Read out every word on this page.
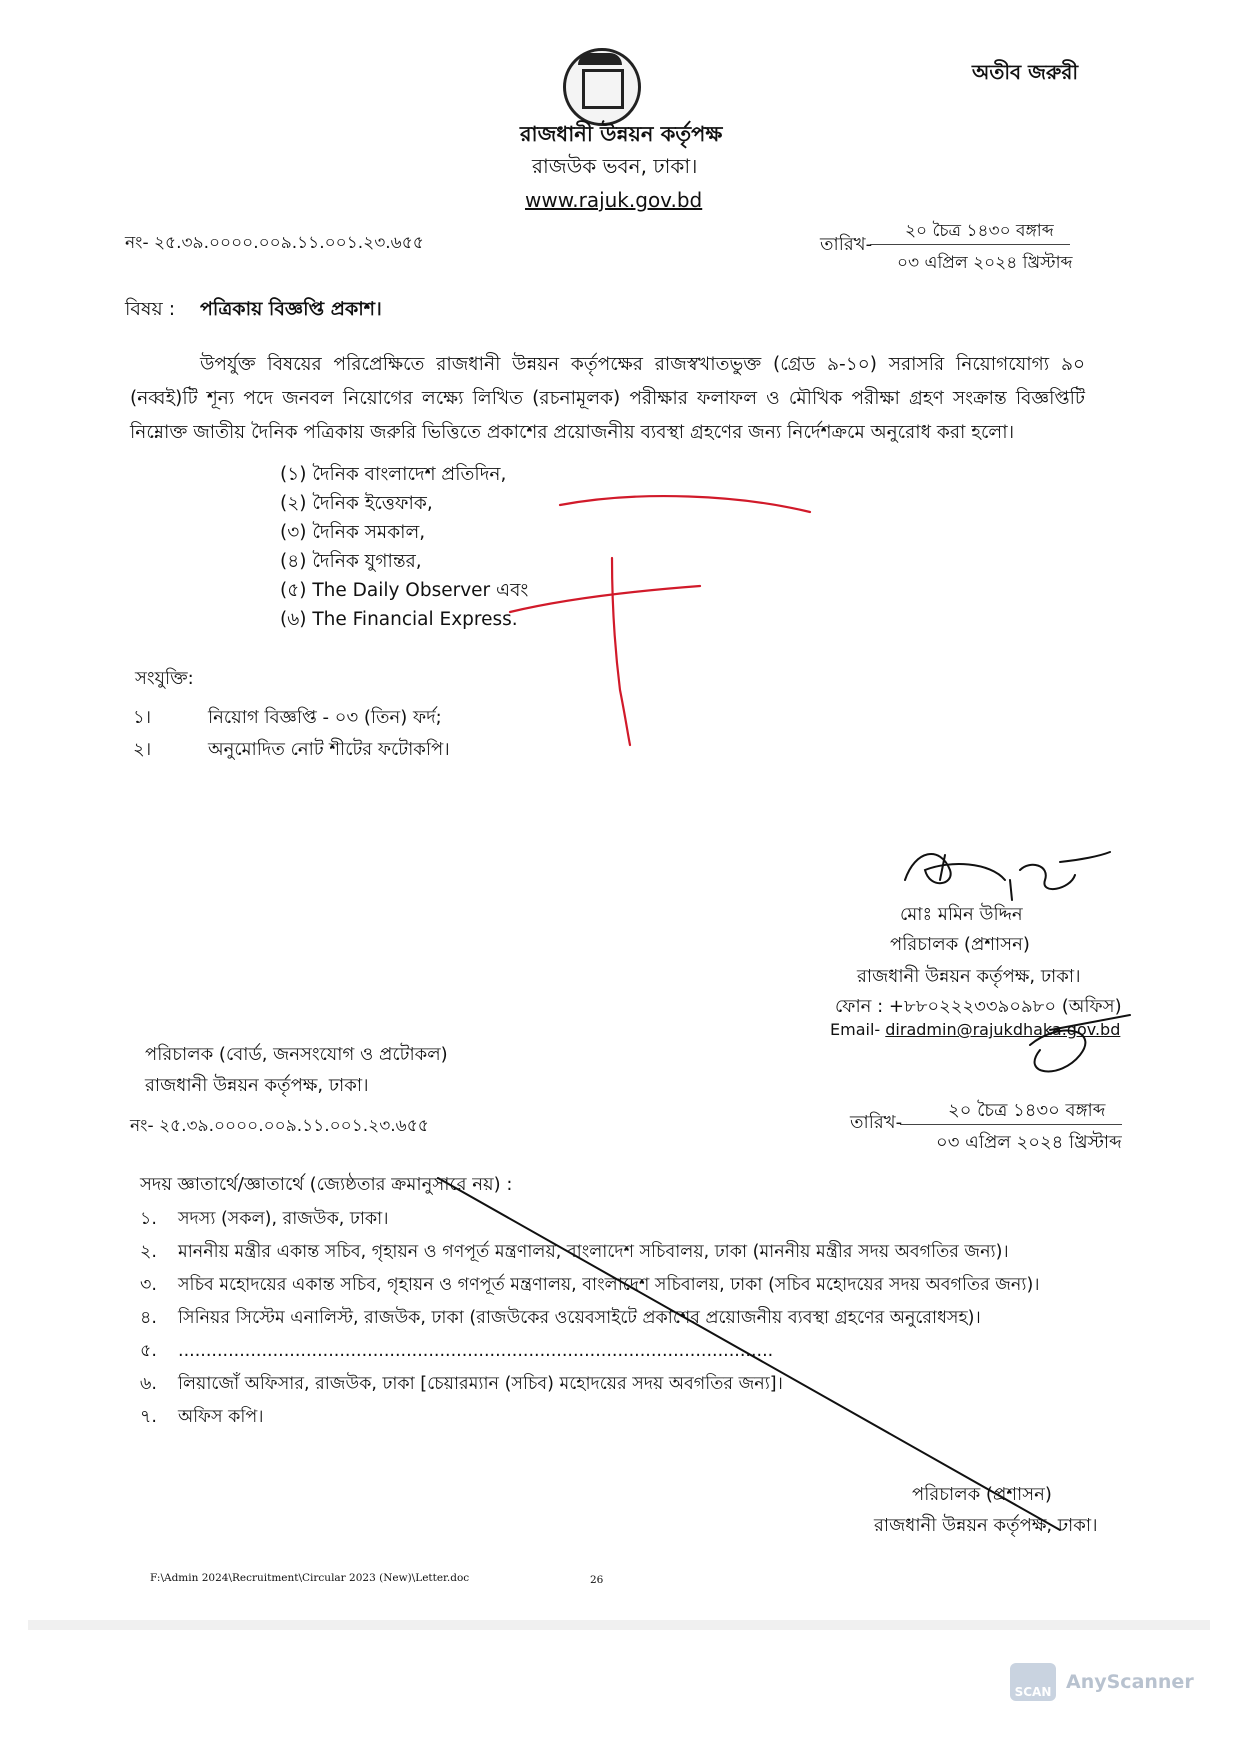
অতীব জরুরী
রাজধানী উন্নয়ন কর্তৃপক্ষ
রাজউক ভবন, ঢাকা।
www.rajuk.gov.bd
নং- ২৫.৩৯.০০০০.০০৯.১১.০০১.২৩.৬৫৫	তারিখ-
২০ চৈত্র ১৪৩০ বঙ্গাব্দ
০৩ এপ্রিল ২০২৪ খ্রিস্টাব্দ
বিষয় : পত্রিকায় বিজ্ঞপ্তি প্রকাশ।

উপর্যুক্ত বিষয়ের পরিপ্রেক্ষিতে রাজধানী উন্নয়ন কর্তৃপক্ষের রাজস্বখাতভুক্ত (গ্রেড ৯-১০) সরাসরি নিয়োগযোগ্য ৯০ (নব্বই)টি শূন্য পদে জনবল নিয়োগের লক্ষ্যে লিখিত (রচনামূলক) পরীক্ষার ফলাফল ও মৌখিক পরীক্ষা গ্রহণ সংক্রান্ত বিজ্ঞপ্তিটি নিম্নোক্ত জাতীয় দৈনিক পত্রিকায় জরুরি ভিত্তিতে প্রকাশের প্রয়োজনীয় ব্যবস্থা গ্রহণের জন্য নির্দেশক্রমে অনুরোধ করা হলো।

(১) দৈনিক বাংলাদেশ প্রতিদিন,
(২) দৈনিক ইত্তেফাক,
(৩) দৈনিক সমকাল,
(৪) দৈনিক যুগান্তর,
(৫) The Daily Observer এবং
(৬) The Financial Express.
সংযুক্তি:
১।	নিয়োগ বিজ্ঞপ্তি - ০৩ (তিন) ফর্দ;
২।	অনুমোদিত নোট শীটের ফটোকপি।
মোঃ মমিন উদ্দিন
পরিচালক (প্রশাসন)
রাজধানী উন্নয়ন কর্তৃপক্ষ, ঢাকা।
ফোন : +৮৮০২২২৩৩৯০৯৮০ (অফিস)
Email- diradmin@rajukdhaka.gov.bd
পরিচালক (বোর্ড, জনসংযোগ ও প্রটোকল)
রাজধানী উন্নয়ন কর্তৃপক্ষ, ঢাকা।
নং- ২৫.৩৯.০০০০.০০৯.১১.০০১.২৩.৬৫৫	তারিখ-
২০ চৈত্র ১৪৩০ বঙ্গাব্দ
০৩ এপ্রিল ২০২৪ খ্রিস্টাব্দ
সদয় জ্ঞাতার্থে/জ্ঞাতার্থে (জ্যেষ্ঠতার ক্রমানুসারে নয়) :
১. সদস্য (সকল), রাজউক, ঢাকা।
২. মাননীয় মন্ত্রীর একান্ত সচিব, গৃহায়ন ও গণপূর্ত মন্ত্রণালয়, বাংলাদেশ সচিবালয়, ঢাকা (মাননীয় মন্ত্রীর সদয় অবগতির জন্য)।
৩. সচিব মহোদয়ের একান্ত সচিব, গৃহায়ন ও গণপূর্ত মন্ত্রণালয়, বাংলাদেশ সচিবালয়, ঢাকা (সচিব মহোদয়ের সদয় অবগতির জন্য)।
৪. সিনিয়র সিস্টেম এনালিস্ট, রাজউক, ঢাকা (রাজউকের ওয়েবসাইটে প্রকাশের প্রয়োজনীয় ব্যবস্থা গ্রহণের অনুরোধসহ)।
৫. ...........................................................................................................
৬. লিয়াজোঁ অফিসার, রাজউক, ঢাকা [চেয়ারম্যান (সচিব) মহোদয়ের সদয় অবগতির জন্য]।
৭. অফিস কপি।
পরিচালক (প্রশাসন)
রাজধানী উন্নয়ন কর্তৃপক্ষ, ঢাকা।
F:\Admin 2024\Recruitment\Circular 2023 (New)\Letter.doc	26
SCAN AnyScanner
